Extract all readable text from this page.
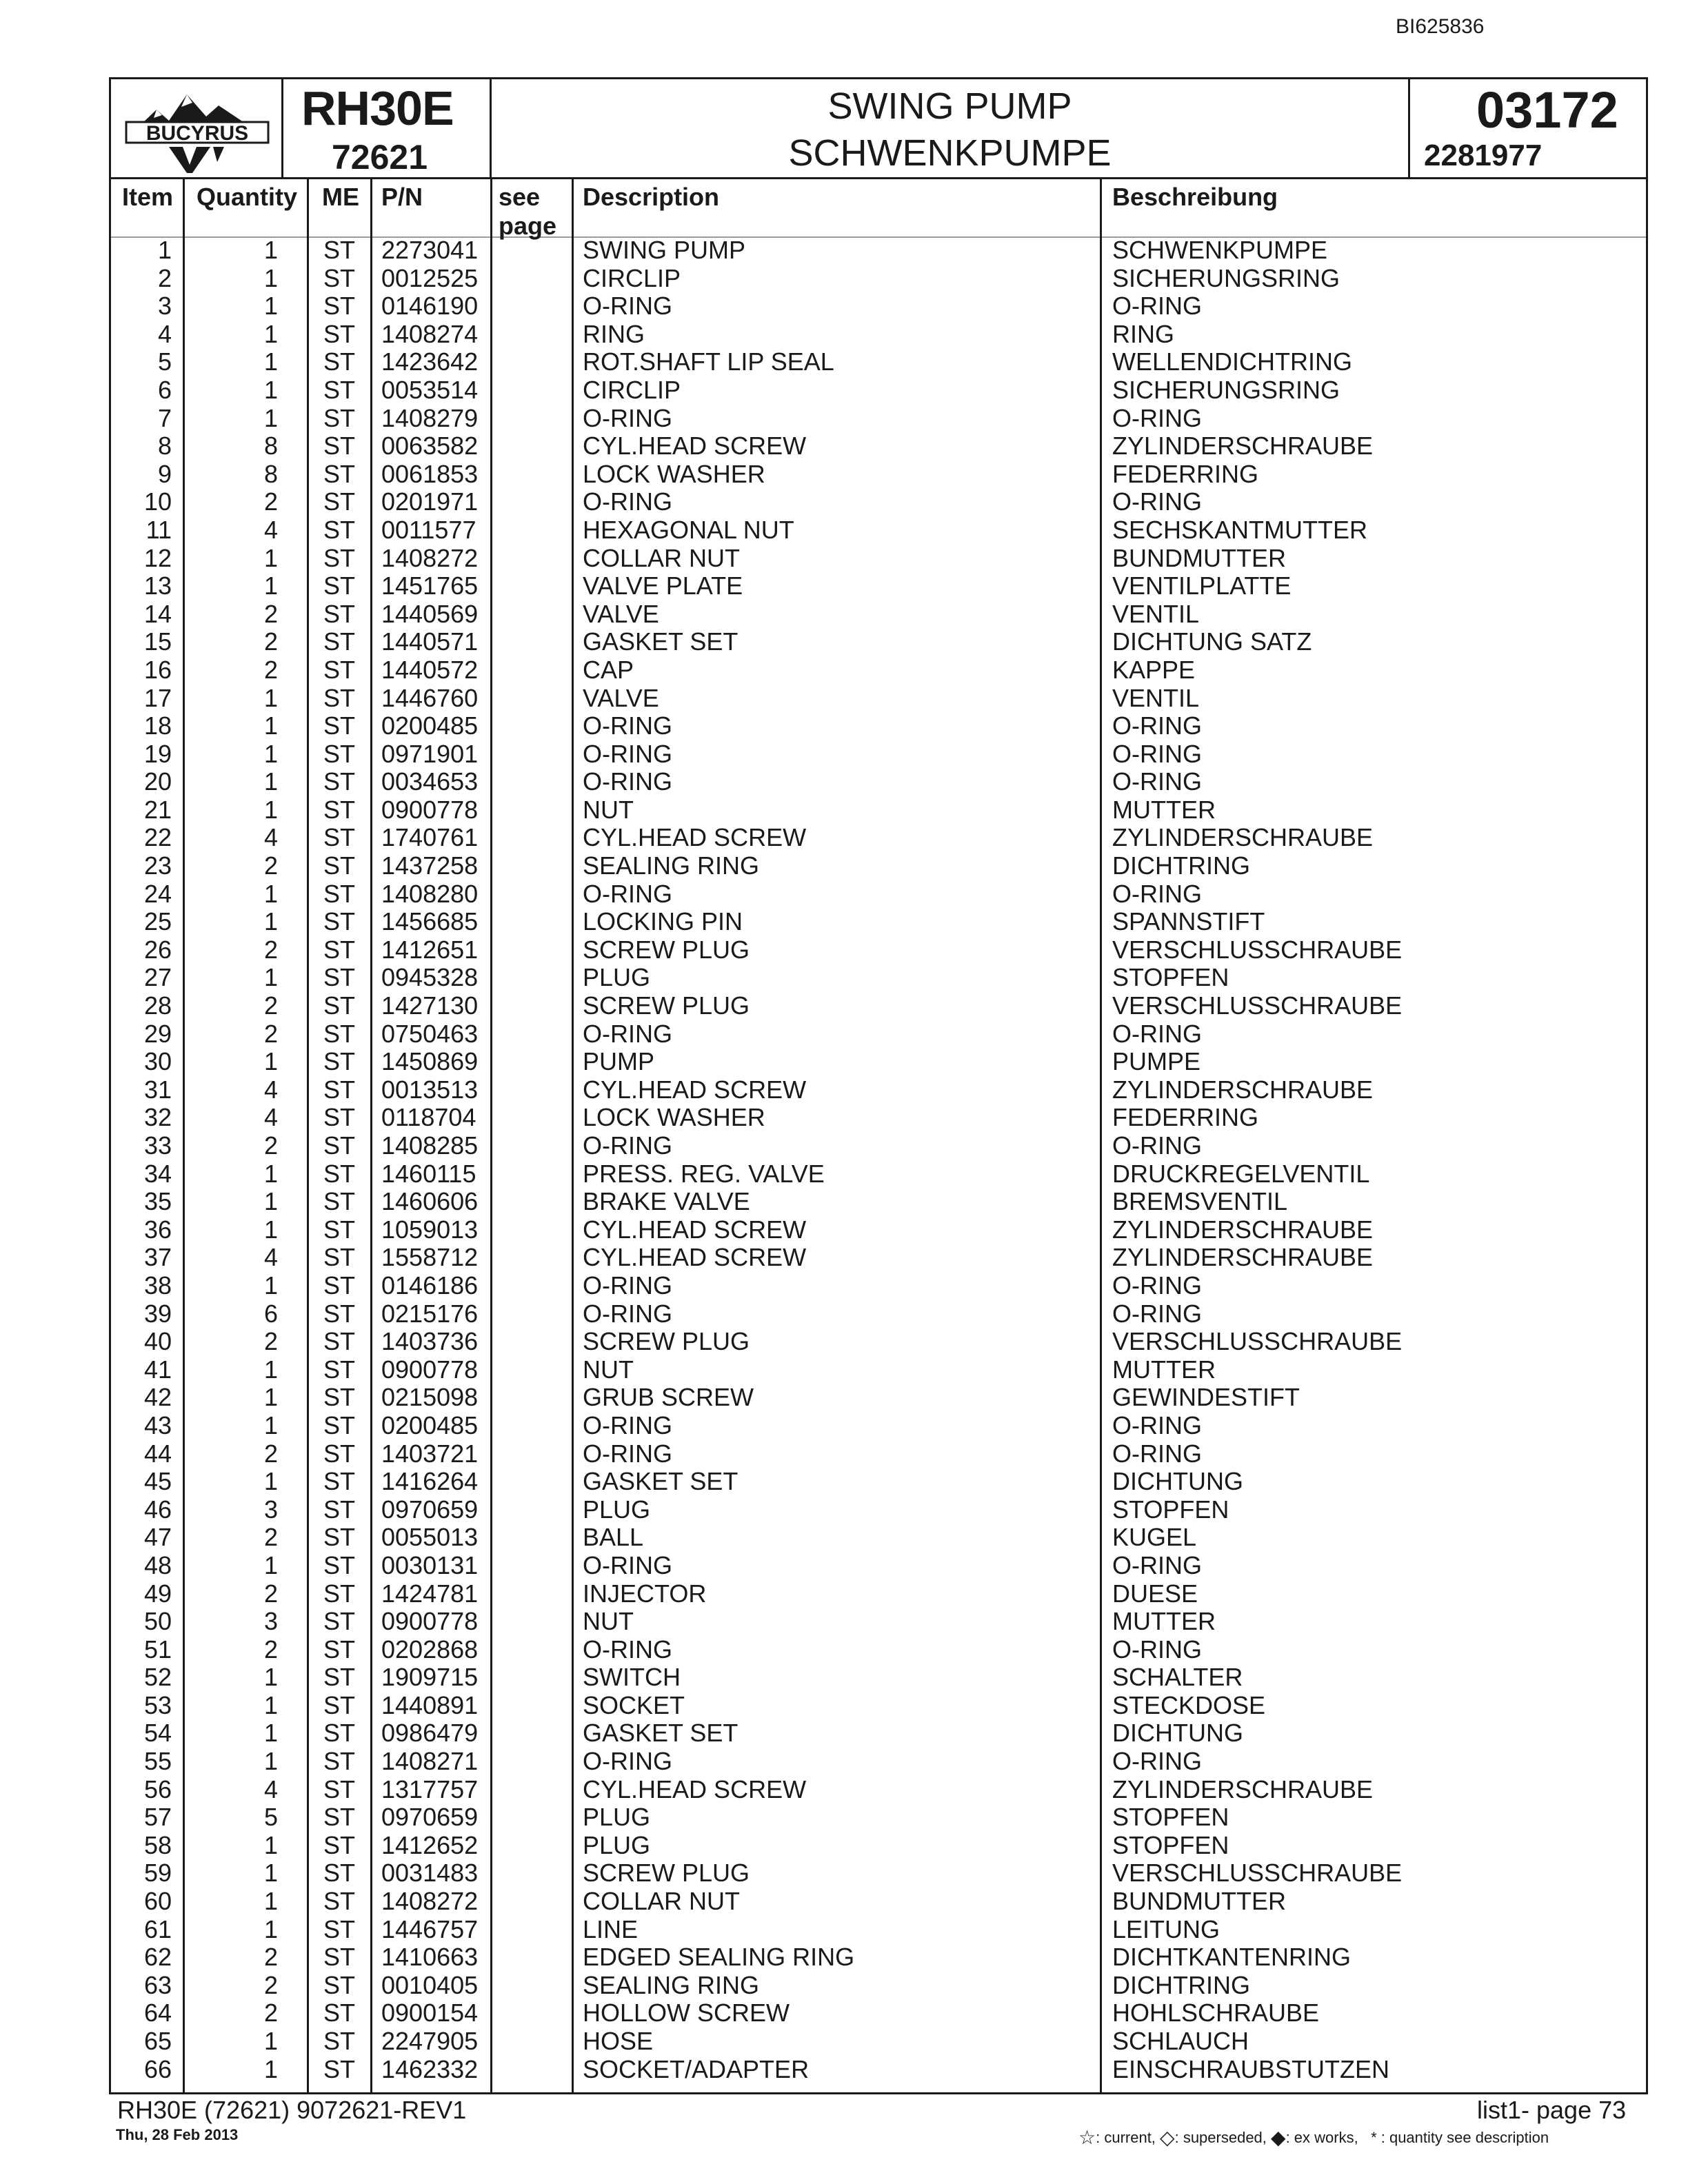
BI625836
BUCYRUS RH30E
72621
SWING PUMP
SCHWENKPUMPE
03172
2281977
Item Quantity ME P/N	see
page
Description	Beschreibung
1	1 ST 2273041	SWING PUMP	SCHWENKPUMPE
2	1 ST 0012525	CIRCLIP	SICHERUNGSRING
3	1 ST 0146190	O-RING	O-RING
4	1 ST 1408274	RING	RING
5	1 ST 1423642	ROT.SHAFT LIP SEAL	WELLENDICHTRING
6	1 ST 0053514	CIRCLIP	SICHERUNGSRING
7	1 ST 1408279	O-RING	O-RING
8	8 ST 0063582	CYL.HEAD SCREW	ZYLINDERSCHRAUBE
9	8 ST 0061853	LOCK WASHER	FEDERRING
10	2 ST 0201971	O-RING	O-RING
11	4 ST 0011577	HEXAGONAL NUT	SECHSKANTMUTTER
12	1 ST 1408272	COLLAR NUT	BUNDMUTTER
13	1 ST 1451765	VALVE PLATE	VENTILPLATTE
14	2 ST 1440569	VALVE	VENTIL
15	2 ST 1440571	GASKET SET	DICHTUNG SATZ
16	2 ST 1440572	CAP	KAPPE
17	1 ST 1446760	VALVE	VENTIL
18	1 ST 0200485	O-RING	O-RING
19	1 ST 0971901	O-RING	O-RING
20	1 ST 0034653	O-RING	O-RING
21	1 ST 0900778	NUT	MUTTER
22	4 ST 1740761	CYL.HEAD SCREW	ZYLINDERSCHRAUBE
23	2 ST 1437258	SEALING RING	DICHTRING
24	1 ST 1408280	O-RING	O-RING
25	1 ST 1456685	LOCKING PIN	SPANNSTIFT
26	2 ST 1412651	SCREW PLUG	VERSCHLUSSCHRAUBE
27	1 ST 0945328	PLUG	STOPFEN
28	2 ST 1427130	SCREW PLUG	VERSCHLUSSCHRAUBE
29	2 ST 0750463	O-RING	O-RING
30	1 ST 1450869	PUMP	PUMPE
31	4 ST 0013513	CYL.HEAD SCREW	ZYLINDERSCHRAUBE
32	4 ST 0118704	LOCK WASHER	FEDERRING
33	2 ST 1408285	O-RING	O-RING
34	1 ST 1460115	PRESS. REG. VALVE	DRUCKREGELVENTIL
35	1 ST 1460606	BRAKE VALVE	BREMSVENTIL
36	1 ST 1059013	CYL.HEAD SCREW	ZYLINDERSCHRAUBE
37	4 ST 1558712	CYL.HEAD SCREW	ZYLINDERSCHRAUBE
38	1 ST 0146186	O-RING	O-RING
39	6 ST 0215176	O-RING	O-RING
40	2 ST 1403736	SCREW PLUG	VERSCHLUSSCHRAUBE
41	1 ST 0900778	NUT	MUTTER
42	1 ST 0215098	GRUB SCREW	GEWINDESTIFT
43	1 ST 0200485	O-RING	O-RING
44	2 ST 1403721	O-RING	O-RING
45	1 ST 1416264	GASKET SET	DICHTUNG
46	3 ST 0970659	PLUG	STOPFEN
47	2 ST 0055013	BALL	KUGEL
48	1 ST 0030131	O-RING	O-RING
49	2 ST 1424781	INJECTOR	DUESE
50	3 ST 0900778	NUT	MUTTER
51	2 ST 0202868	O-RING	O-RING
52	1 ST 1909715	SWITCH	SCHALTER
53	1 ST 1440891	SOCKET	STECKDOSE
54	1 ST 0986479	GASKET SET	DICHTUNG
55	1 ST 1408271	O-RING	O-RING
56	4 ST 1317757	CYL.HEAD SCREW	ZYLINDERSCHRAUBE
57	5 ST 0970659	PLUG	STOPFEN
58	1 ST 1412652	PLUG	STOPFEN
59	1 ST 0031483	SCREW PLUG	VERSCHLUSSCHRAUBE
60	1 ST 1408272	COLLAR NUT	BUNDMUTTER
61	1 ST 1446757	LINE	LEITUNG
62	2 ST 1410663	EDGED SEALING RING	DICHTKANTENRING
63	2 ST 0010405	SEALING RING	DICHTRING
64	2 ST 0900154	HOLLOW SCREW	HOHLSCHRAUBE
65	1 ST 2247905	HOSE	SCHLAUCH
66	1 ST 1462332	SOCKET/ADAPTER	EINSCHRAUBSTUTZEN
RH30E (72621) 9072621-REV1
Thu, 28 Feb 2013
list1- page 73
☆: current, ◇: superseded, ◆: ex works, * : quantity see description
